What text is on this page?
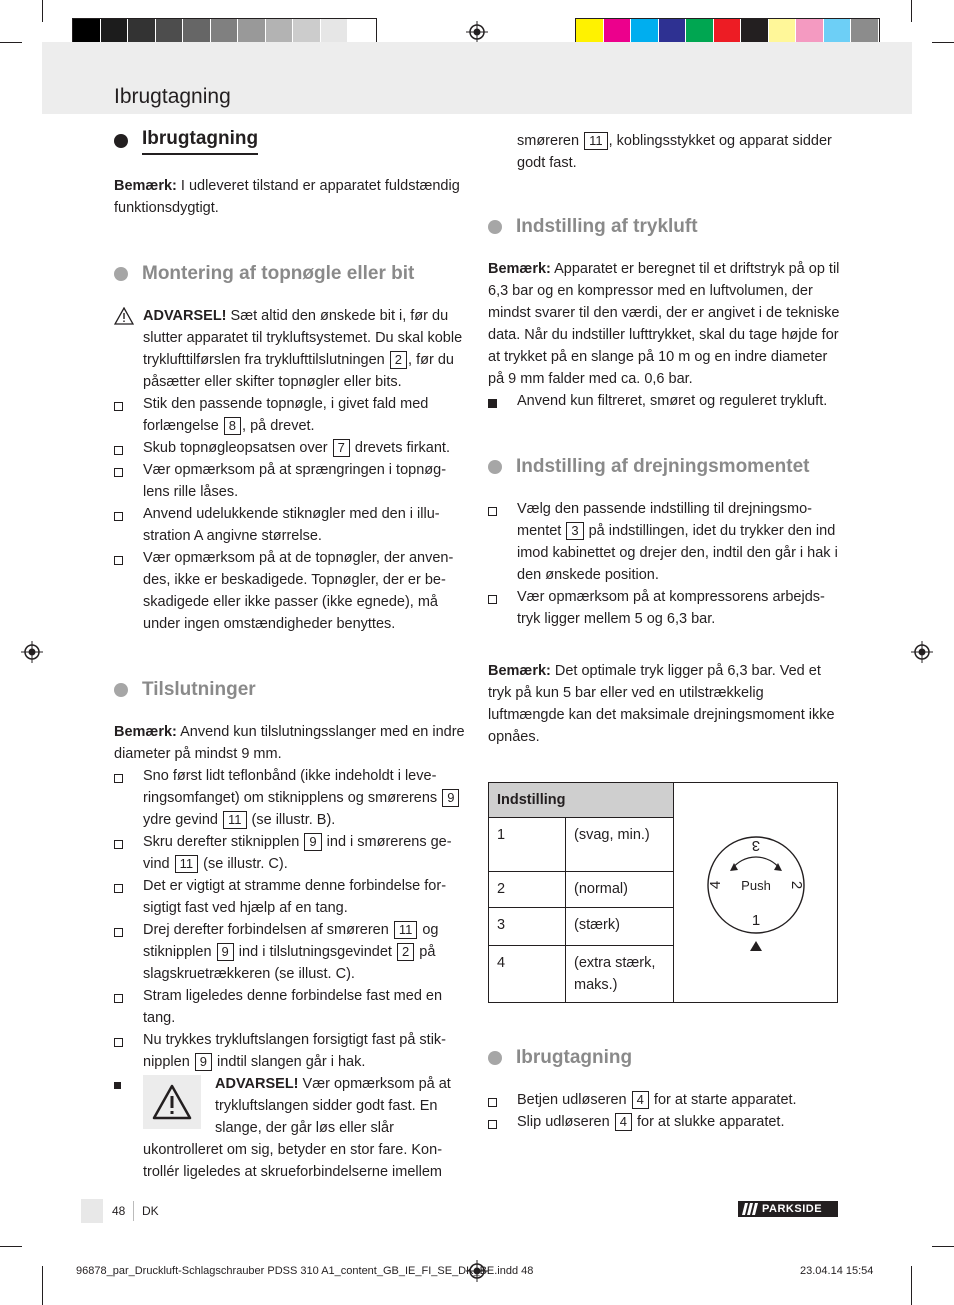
Ibrugtagning
Ibrugtagning

Bemærk: I udleveret tilstand er apparatet fuldstændig funktionsdygtigt.

Montering af topnøgle eller bit
ADVARSEL! Sæt altid den ønskede bit i, før du slutter apparatet til trykluftsystemet. Du skal koble tryklufttilførslen fra tryklufttilslutningen 2 , før du påsætter eller skifter topnøgler eller bits.
Stik den passende topnøgle, i givet fald med forlængelse 8 , på drevet.
Skub topnøgleopsatsen over 7 drevets firkant.
Vær opmærksom på at sprængringen i topnøglens rille låses.
Anvend udelukkende stiknøgler med den i illustration A angivne størrelse.
Vær opmærksom på at de topnøgler, der anvendes, ikke er beskadigede. Topnøgler, der er beskadigede eller ikke passer (ikke egnede), må under ingen omstændigheder benyttes.
Tilslutninger

Bemærk: Anvend kun tilslutningsslanger med en indre diameter på mindst 9 mm.

Sno først lidt teflonbånd (ikke indeholdt i leveringsomfanget) om stiknipplens og smørerens 9 ydre gevind 11 (se illustr. B).
Skru derefter stiknipplen 9 ind i smørerens gevind 11 (se illustr. C).
Det er vigtigt at stramme denne forbindelse forsigtigt fast ved hjælp af en tang.
Drej derefter forbindelsen af smøreren 11 og stiknipplen 9 ind i tilslutningsgevindet 2 på slagskruetrækkeren (se illust. C).
Stram ligeledes denne forbindelse fast med en tang.
Nu trykkes trykluftslangen forsigtigt fast på stiknipplen 9 indtil slangen går i hak.
ADVARSEL! Vær opmærksom på at trykluftslangen sidder godt fast. En slange, der går løs eller slår ukontrolleret om sig, betyder en stor fare. Kontrollér ligeledes at skrueforbindelserne imellem

smøreren 11 , koblingsstykket og apparat sidder godt fast.

Indstilling af trykluft

Bemærk: Apparatet er beregnet til et driftstryk på op til 6,3 bar og en kompressor med en luftvolumen, der mindst svarer til den værdi, der er angivet i de tekniske data. Når du indstiller lufttrykket, skal du tage højde for at trykket på en slange på 10 m og en indre diameter på 9 mm falder med ca. 0,6 bar.

Anvend kun filtreret, smøret og reguleret trykluft.
Indstilling af drejningsmomentet
Vælg den passende indstilling til drejningsmomentet 3 på indstillingen, idet du trykker den ind imod kabinettet og drejer den, indtil den går i hak i den ønskede position.
Vær opmærksom på at kompressorens arbejdstryk ligger mellem 5 og 6,3 bar.

Bemærk: Det optimale tryk ligger på 6,3 bar. Ved et tryk på kun 5 bar eller ved en utilstrækkelig luftmængde kan det maksimale drejningsmoment ikke opnåes.

Indstilling		Push
1
2
3
4

1	(svag, min.)	
2	(normal)	
3	(stærk)	
4	(extra stærk, maks.)	
Ibrugtagning
Betjen udløseren 4 for at starte apparatet.
Slip udløseren 4 for at slukke apparatet.
48 DK	PARKSIDE
96878_par_Druckluft-Schlagschrauber PDSS 310 A1_content_GB_IE_FI_SE_DK_BE.indd 48	23.04.14 15:54
